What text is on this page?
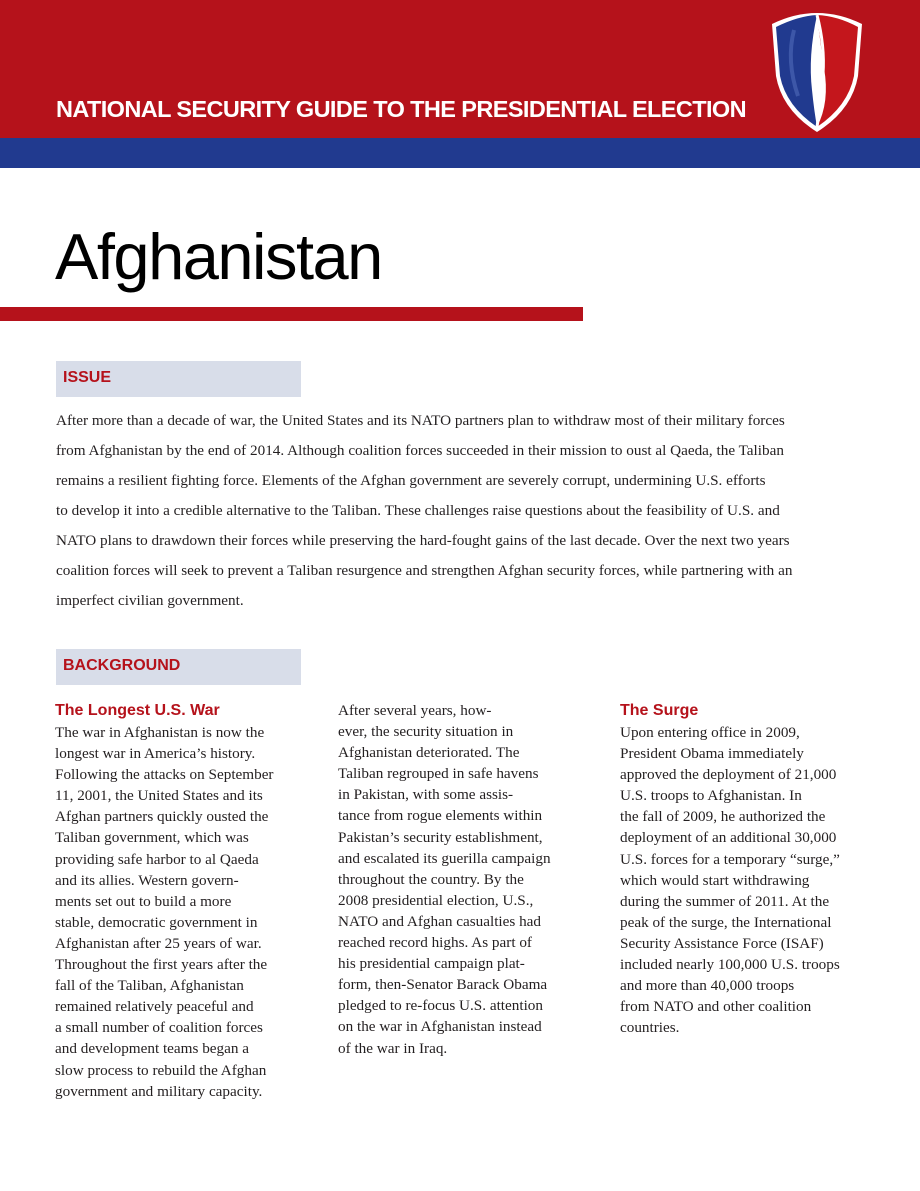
NATIONAL SECURITY GUIDE TO THE PRESIDENTIAL ELECTION
Afghanistan
ISSUE
After more than a decade of war, the United States and its NATO partners plan to withdraw most of their military forces
from Afghanistan by the end of 2014. Although coalition forces succeeded in their mission to oust al Qaeda, the Taliban
remains a resilient fighting force. Elements of the Afghan government are severely corrupt, undermining U.S. efforts
to develop it into a credible alternative to the Taliban. These challenges raise questions about the feasibility of U.S. and
NATO plans to drawdown their forces while preserving the hard-fought gains of the last decade. Over the next two years
coalition forces will seek to prevent a Taliban resurgence and strengthen Afghan security forces, while partnering with an
imperfect civilian government.
BACKGROUND
The Longest U.S. War
The war in Afghanistan is now the
longest war in America’s history.
Following the attacks on September
11, 2001, the United States and its
Afghan partners quickly ousted the
Taliban government, which was
providing safe harbor to al Qaeda
and its allies. Western govern-
ments set out to build a more
stable, democratic government in
Afghanistan after 25 years of war.
Throughout the first years after the
fall of the Taliban, Afghanistan
remained relatively peaceful and
a small number of coalition forces
and development teams began a
slow process to rebuild the Afghan
government and military capacity.
After several years, how-
ever, the security situation in
Afghanistan deteriorated. The
Taliban regrouped in safe havens
in Pakistan, with some assis-
tance from rogue elements within
Pakistan’s security establishment,
and escalated its guerilla campaign
throughout the country. By the
2008 presidential election, U.S.,
NATO and Afghan casualties had
reached record highs. As part of
his presidential campaign plat-
form, then-Senator Barack Obama
pledged to re-focus U.S. attention
on the war in Afghanistan instead
of the war in Iraq.
The Surge
Upon entering office in 2009,
President Obama immediately
approved the deployment of 21,000
U.S. troops to Afghanistan. In
the fall of 2009, he authorized the
deployment of an additional 30,000
U.S. forces for a temporary “surge,”
which would start withdrawing
during the summer of 2011. At the
peak of the surge, the International
Security Assistance Force (ISAF)
included nearly 100,000 U.S. troops
and more than 40,000 troops
from NATO and other coalition
countries.
